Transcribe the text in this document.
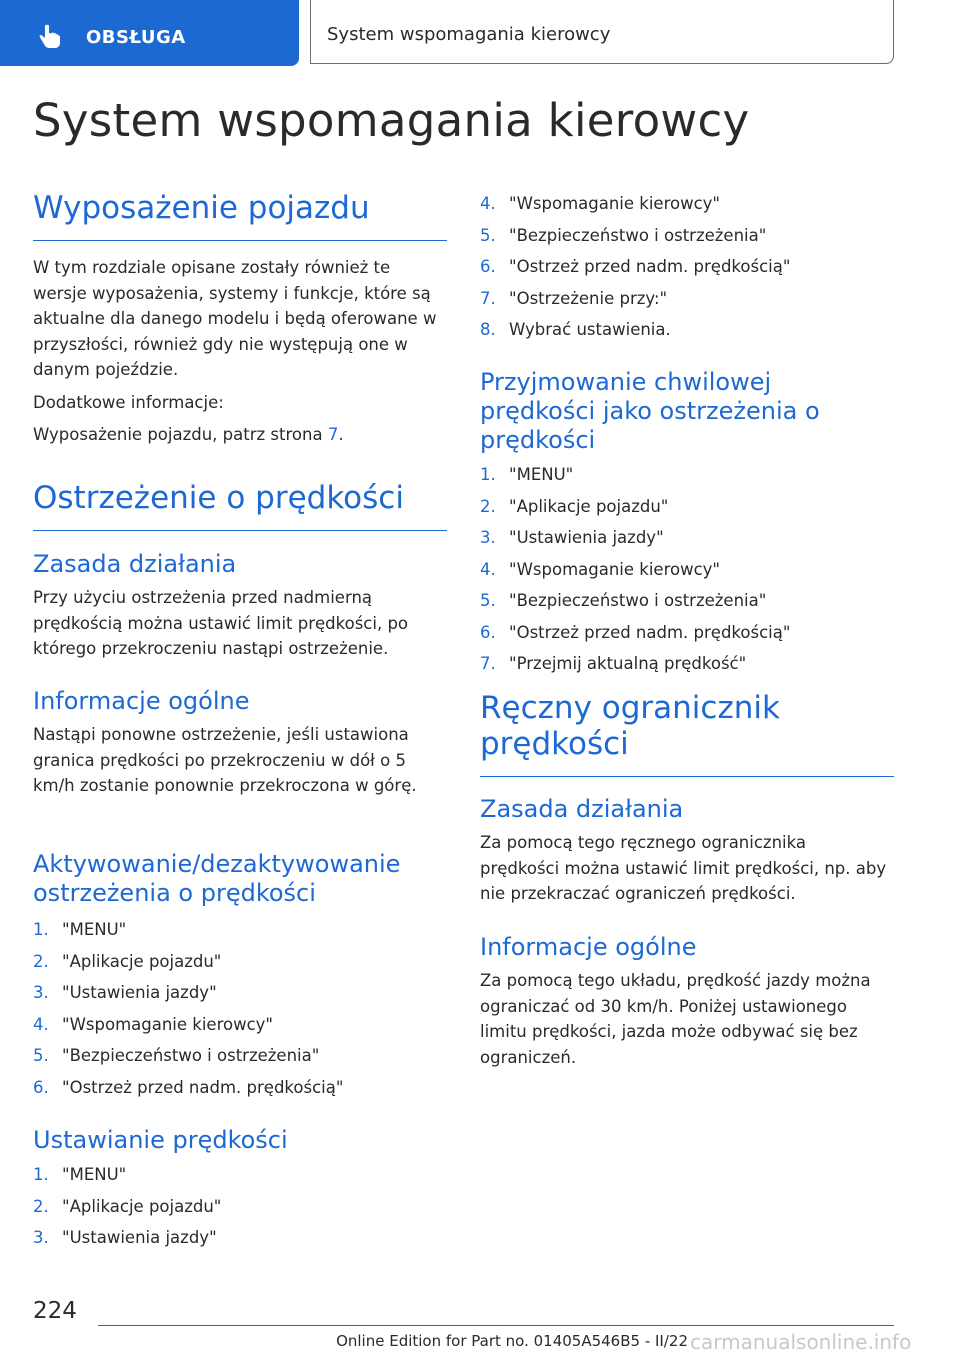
OBSŁUGA	System wspomagania kierowcy
System wspomagania kierowcy
Wyposażenie pojazdu

W tym rozdziale opisane zostały również te wersje wyposażenia, systemy i funkcje, które są aktualne dla danego modelu i będą oferowane w przyszłości, również gdy nie występują one w danym pojeździe.

Dodatkowe informacje:

Wyposażenie pojazdu, patrz strona 7.

Ostrzeżenie o prędkości
Zasada działania

Przy użyciu ostrzeżenia przed nadmierną prędkością można ustawić limit prędkości, po którego przekroczeniu nastąpi ostrzeżenie.

Informacje ogólne

Nastąpi ponowne ostrzeżenie, jeśli ustawiona granica prędkości po przekroczeniu w dół o 5 km/h zostanie ponownie przekroczona w górę.

Aktywowanie/dezaktywowanie ostrzeżenia o prędkości
1. "MENU"
2. "Aplikacje pojazdu"
3. "Ustawienia jazdy"
4. "Wspomaganie kierowcy"
5. "Bezpieczeństwo i ostrzeżenia"
6. "Ostrzeż przed nadm. prędkością"
Ustawianie prędkości
1. "MENU"
2. "Aplikacje pojazdu"
3. "Ustawienia jazdy"
4. "Wspomaganie kierowcy"
5. "Bezpieczeństwo i ostrzeżenia"
6. "Ostrzeż przed nadm. prędkością"
7. "Ostrzeżenie przy:"
8. Wybrać ustawienia.
Przyjmowanie chwilowej prędkości jako ostrzeżenia o prędkości
1. "MENU"
2. "Aplikacje pojazdu"
3. "Ustawienia jazdy"
4. "Wspomaganie kierowcy"
5. "Bezpieczeństwo i ostrzeżenia"
6. "Ostrzeż przed nadm. prędkością"
7. "Przejmij aktualną prędkość"
Ręczny ogranicznik prędkości
Zasada działania

Za pomocą tego ręcznego ogranicznika prędkości można ustawić limit prędkości, np. aby nie przekraczać ograniczeń prędkości.

Informacje ogólne

Za pomocą tego układu, prędkość jazdy można ograniczać od 30 km/h. Poniżej ustawionego limitu prędkości, jazda może odbywać się bez ograniczeń.

224
Online Edition for Part no. 01405A546B5 - II/22 carmanualsonline.info
